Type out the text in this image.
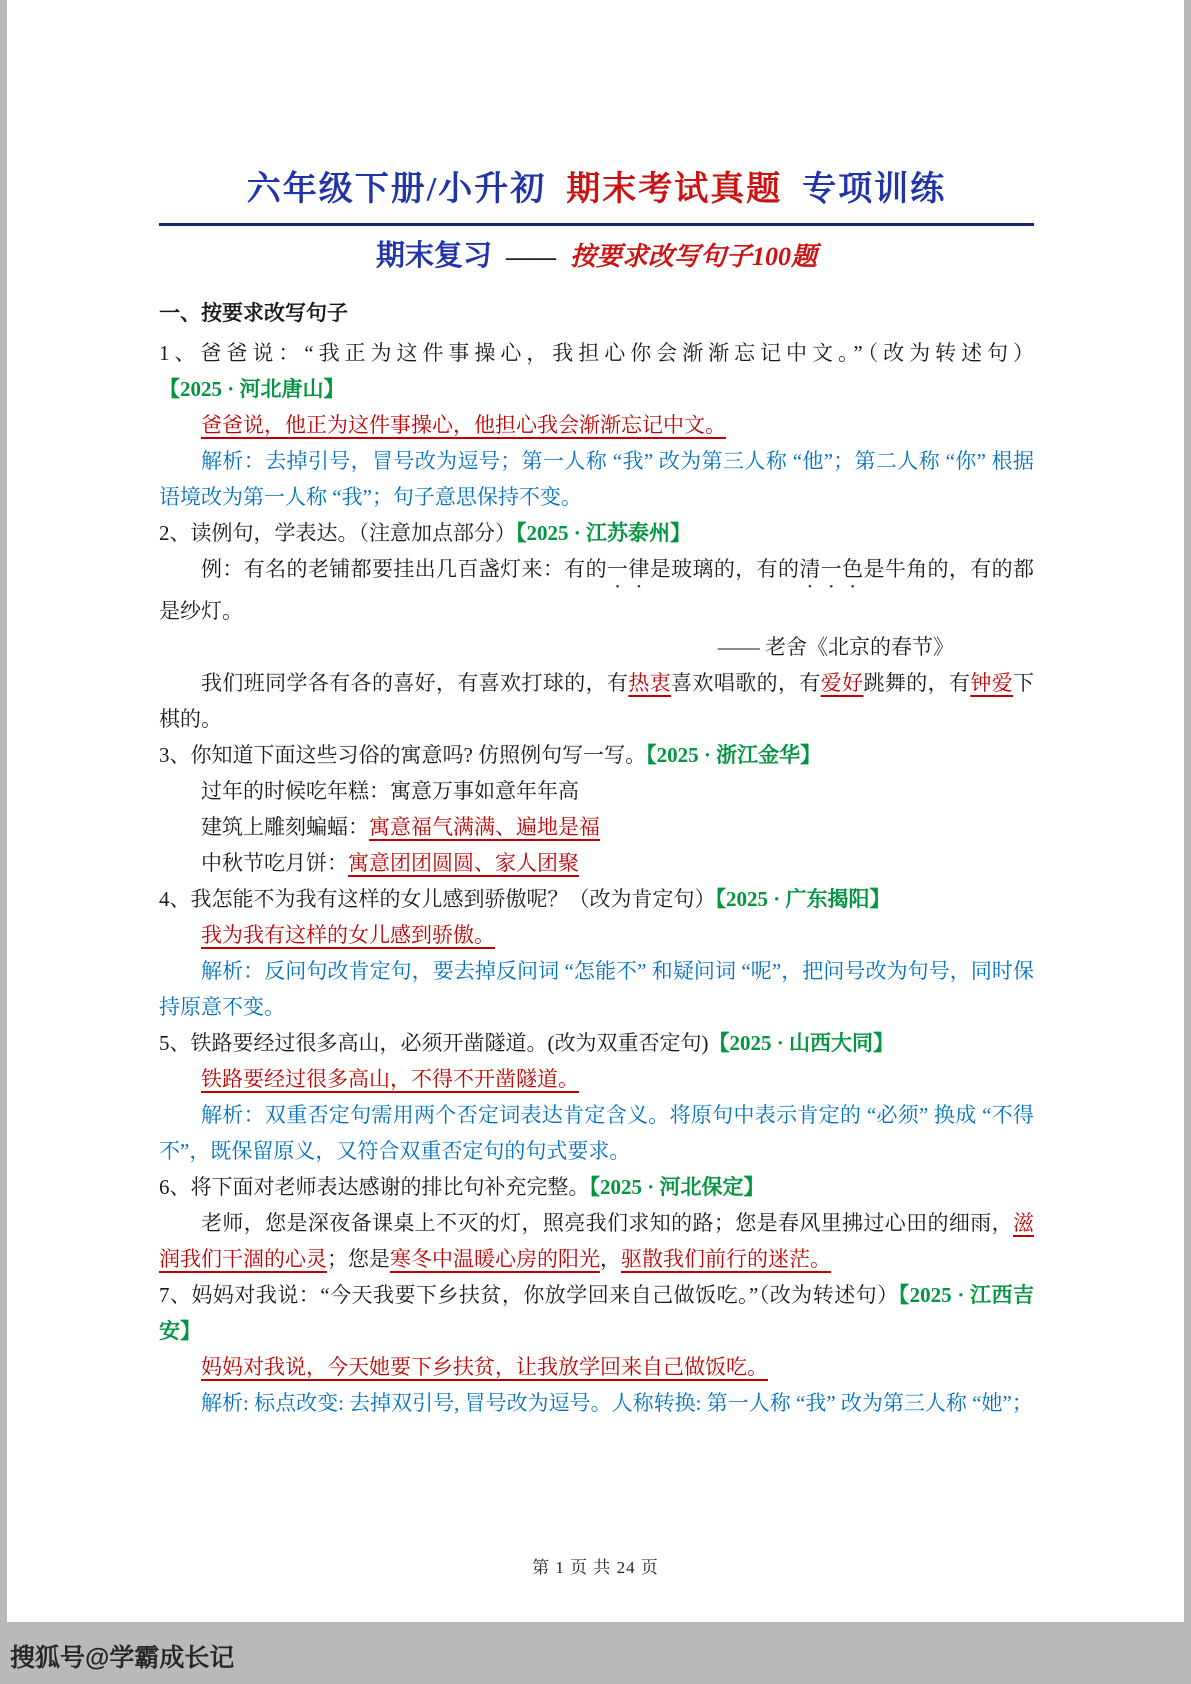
六年级下册/小升初 期末考试真题 专项训练
期末复习 —— 按要求改写句子100题

一、按要求改写句子

1、爸爸说：“我正为这件事操心，我担心你会渐渐忘记中文。”（改为转述句）【2025 · 河北唐山】

爸爸说，他正为这件事操心，他担心我会渐渐忘记中文。

解析：去掉引号，冒号改为逗号；第一人称 “我” 改为第三人称 “他”；第二人称 “你” 根据语境改为第一人称 “我”；句子意思保持不变。

2、读例句，学表达。（注意加点部分）【2025 · 江苏泰州】

例：有名的老铺都要挂出几百盏灯来：有的一律是玻璃的，有的清一色是牛角的，有的都是纱灯。

—— 老舍《北京的春节》

我们班同学各有各的喜好，有喜欢打球的，有热衷喜欢唱歌的，有爱好跳舞的，有钟爱下棋的。

3、你知道下面这些习俗的寓意吗? 仿照例句写一写。【2025 · 浙江金华】

过年的时候吃年糕：寓意万事如意年年高

建筑上雕刻蝙蝠：寓意福气满满、遍地是福

中秋节吃月饼：寓意团团圆圆、家人团聚

4、我怎能不为我有这样的女儿感到骄傲呢？（改为肯定句）【2025 · 广东揭阳】

我为我有这样的女儿感到骄傲。

解析：反问句改肯定句，要去掉反问词 “怎能不” 和疑问词 “呢”，把问号改为句号，同时保持原意不变。

5、铁路要经过很多高山，必须开凿隧道。(改为双重否定句)【2025 · 山西大同】

铁路要经过很多高山，不得不开凿隧道。

解析：双重否定句需用两个否定词表达肯定含义。将原句中表示肯定的 “必须” 换成 “不得不”，既保留原义，又符合双重否定句的句式要求。

6、将下面对老师表达感谢的排比句补充完整。【2025 · 河北保定】

老师，您是深夜备课桌上不灭的灯，照亮我们求知的路；您是春风里拂过心田的细雨，滋润我们干涸的心灵；您是寒冬中温暖心房的阳光，驱散我们前行的迷茫。

7、妈妈对我说：“今天我要下乡扶贫，你放学回来自己做饭吃。”（改为转述句）【2025 · 江西吉安】

妈妈对我说，今天她要下乡扶贫，让我放学回来自己做饭吃。

解析: 标点改变: 去掉双引号, 冒号改为逗号。人称转换: 第一人称 “我” 改为第三人称 “她”；

第 1 页 共 24 页
搜狐号@学霸成长记
